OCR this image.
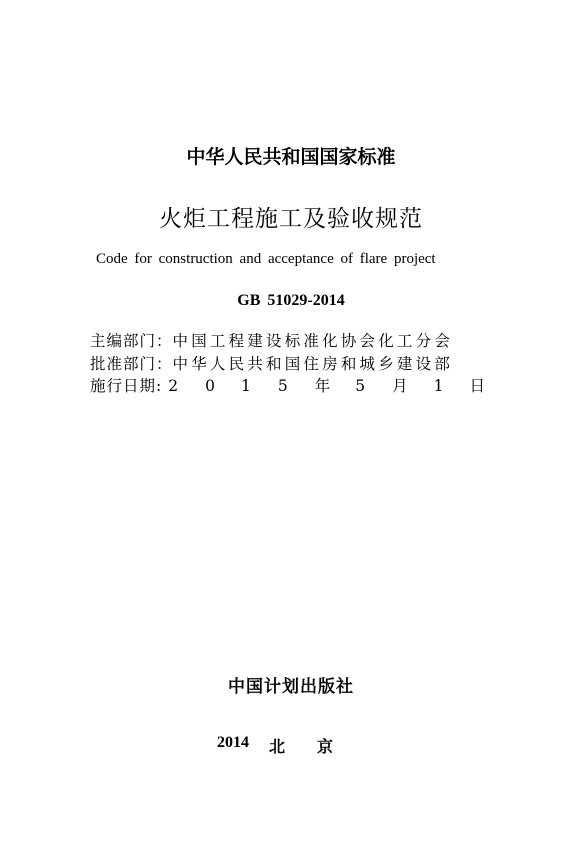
中华人民共和国国家标准
火炬工程施工及验收规范
Code for construction and acceptance of flare project
GB 51029-2014
主编部门： 中国工程建设标准化协会化工分会
批准部门： 中华人民共和国住房和城乡建设部
施行日期: 2 0 1 5 年 5 月 1 日
中国计划出版社
2014 北 京
